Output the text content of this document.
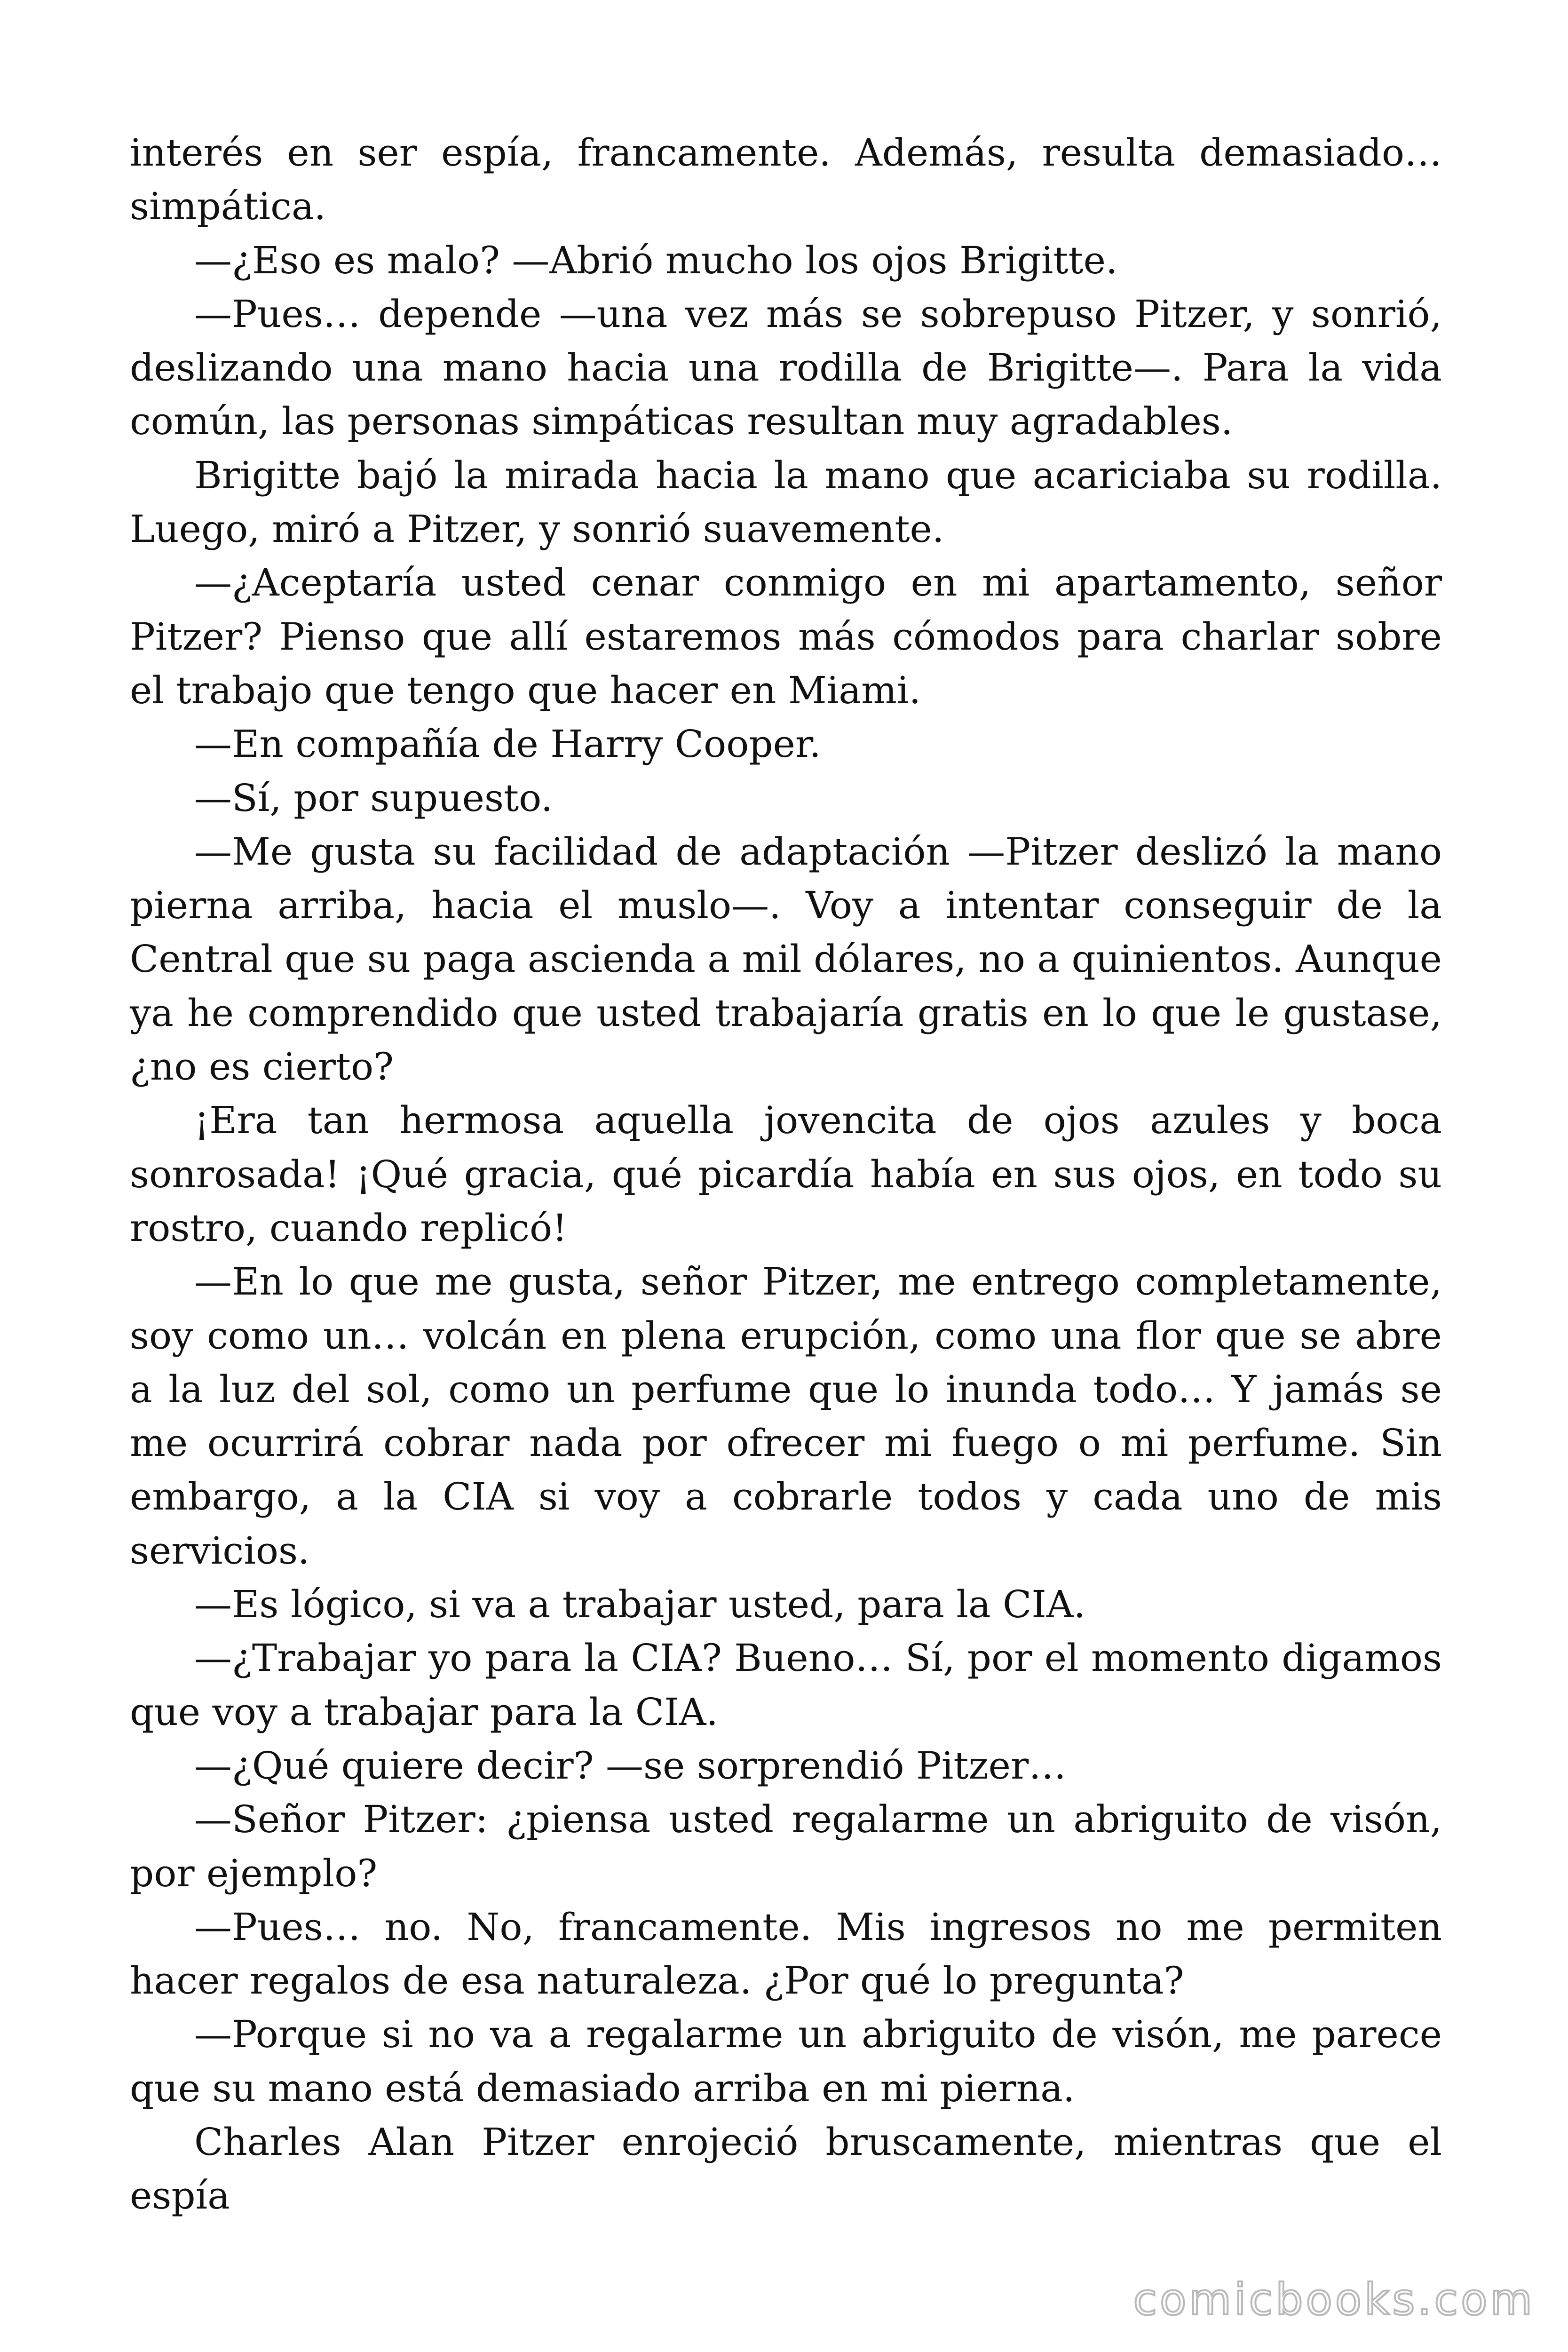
interés en ser espía, francamente. Además, resulta demasiado… simpática.

—¿Eso es malo? —Abrió mucho los ojos Brigitte.

—Pues… depende —una vez más se sobrepuso Pitzer, y sonrió, deslizando una mano hacia una rodilla de Brigitte—. Para la vida común, las personas simpáticas resultan muy agradables.

Brigitte bajó la mirada hacia la mano que acariciaba su rodilla. Luego, miró a Pitzer, y sonrió suavemente.

—¿Aceptaría usted cenar conmigo en mi apartamento, señor Pitzer? Pienso que allí estaremos más cómodos para charlar sobre el trabajo que tengo que hacer en Miami.

—En compañía de Harry Cooper.

—Sí, por supuesto.

—Me gusta su facilidad de adaptación —Pitzer deslizó la mano pierna arriba, hacia el muslo—. Voy a intentar conseguir de la Central que su paga ascienda a mil dólares, no a quinientos. Aunque ya he comprendido que usted trabajaría gratis en lo que le gustase, ¿no es cierto?

¡Era tan hermosa aquella jovencita de ojos azules y boca sonrosada! ¡Qué gracia, qué picardía había en sus ojos, en todo su rostro, cuando replicó!

—En lo que me gusta, señor Pitzer, me entrego completamente, soy como un… volcán en plena erupción, como una flor que se abre a la luz del sol, como un perfume que lo inunda todo… Y jamás se me ocurrirá cobrar nada por ofrecer mi fuego o mi perfume. Sin embargo, a la CIA si voy a cobrarle todos y cada uno de mis servicios.

—Es lógico, si va a trabajar usted, para la CIA.

—¿Trabajar yo para la CIA? Bueno… Sí, por el momento digamos que voy a trabajar para la CIA.

—¿Qué quiere decir? —se sorprendió Pitzer…

—Señor Pitzer: ¿piensa usted regalarme un abriguito de visón, por ejemplo?

—Pues… no. No, francamente. Mis ingresos no me permiten hacer regalos de esa naturaleza. ¿Por qué lo pregunta?

—Porque si no va a regalarme un abriguito de visón, me parece que su mano está demasiado arriba en mi pierna.

Charles Alan Pitzer enrojeció bruscamente, mientras que el espía

comicbooks.com
